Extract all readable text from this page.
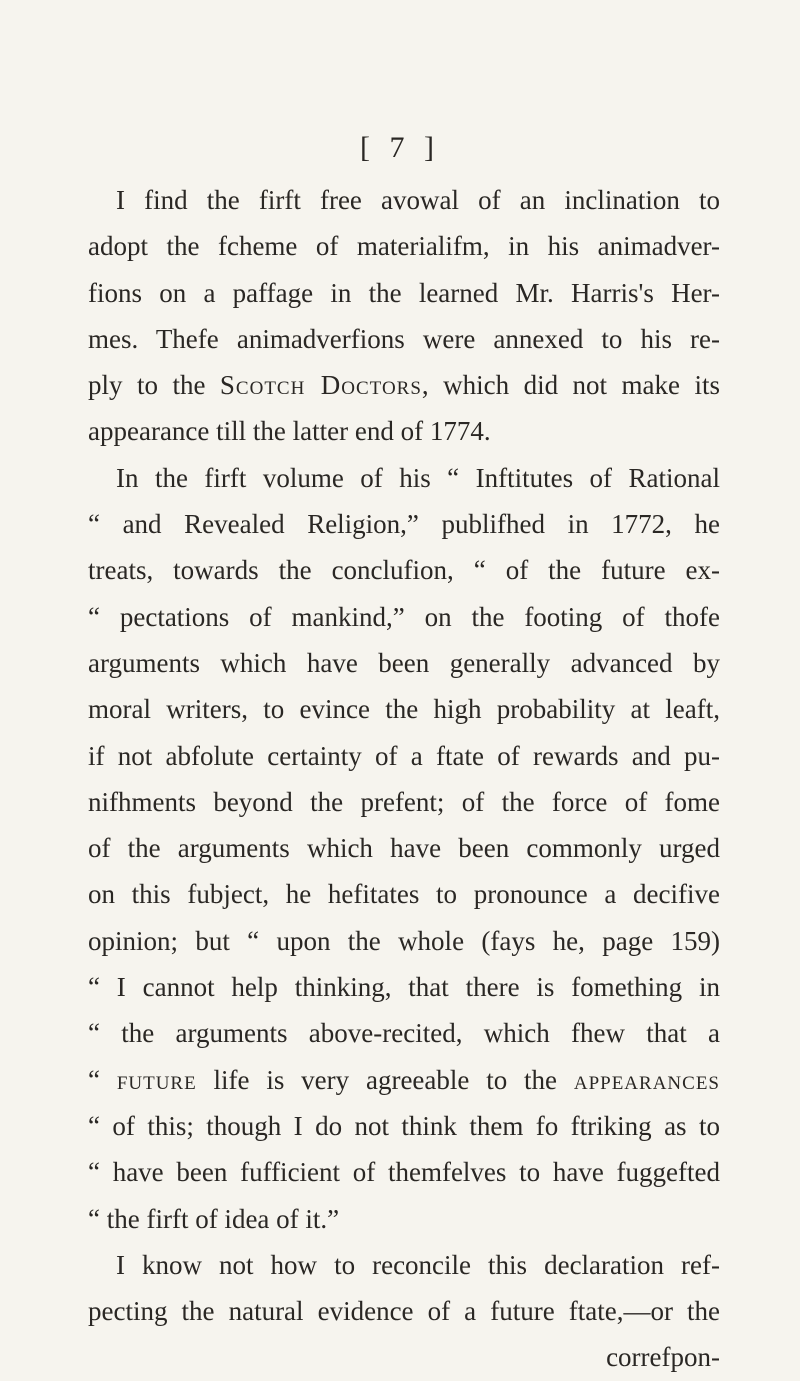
[ 7 ]
I find the firft free avowal of an inclination to
adopt the fcheme of materialifm, in his animadver-
fions on a paffage in the learned Mr. Harris's Her-
mes. Thefe animadverfions were annexed to his re-
ply to the Scotch Doctors, which did not make its
appearance till the latter end of 1774.
In the firft volume of his “ Inftitutes of Rational
“ and Revealed Religion,” publifhed in 1772, he
treats, towards the conclufion, “ of the future ex-
“ pectations of mankind,” on the footing of thofe
arguments which have been generally advanced by
moral writers, to evince the high probability at leaft,
if not abfolute certainty of a ftate of rewards and pu-
nifhments beyond the prefent; of the force of fome
of the arguments which have been commonly urged
on this fubject, he hefitates to pronounce a decifive
opinion; but “ upon the whole (fays he, page 159)
“ I cannot help thinking, that there is fomething in
“ the arguments above-recited, which fhew that a
“ future life is very agreeable to the appearances
“ of this; though I do not think them fo ftriking as to
“ have been fufficient of themfelves to have fuggefted
“ the firft of idea of it.”
I know not how to reconcile this declaration ref-
pecting the natural evidence of a future ftate,—or the
correfpon-
